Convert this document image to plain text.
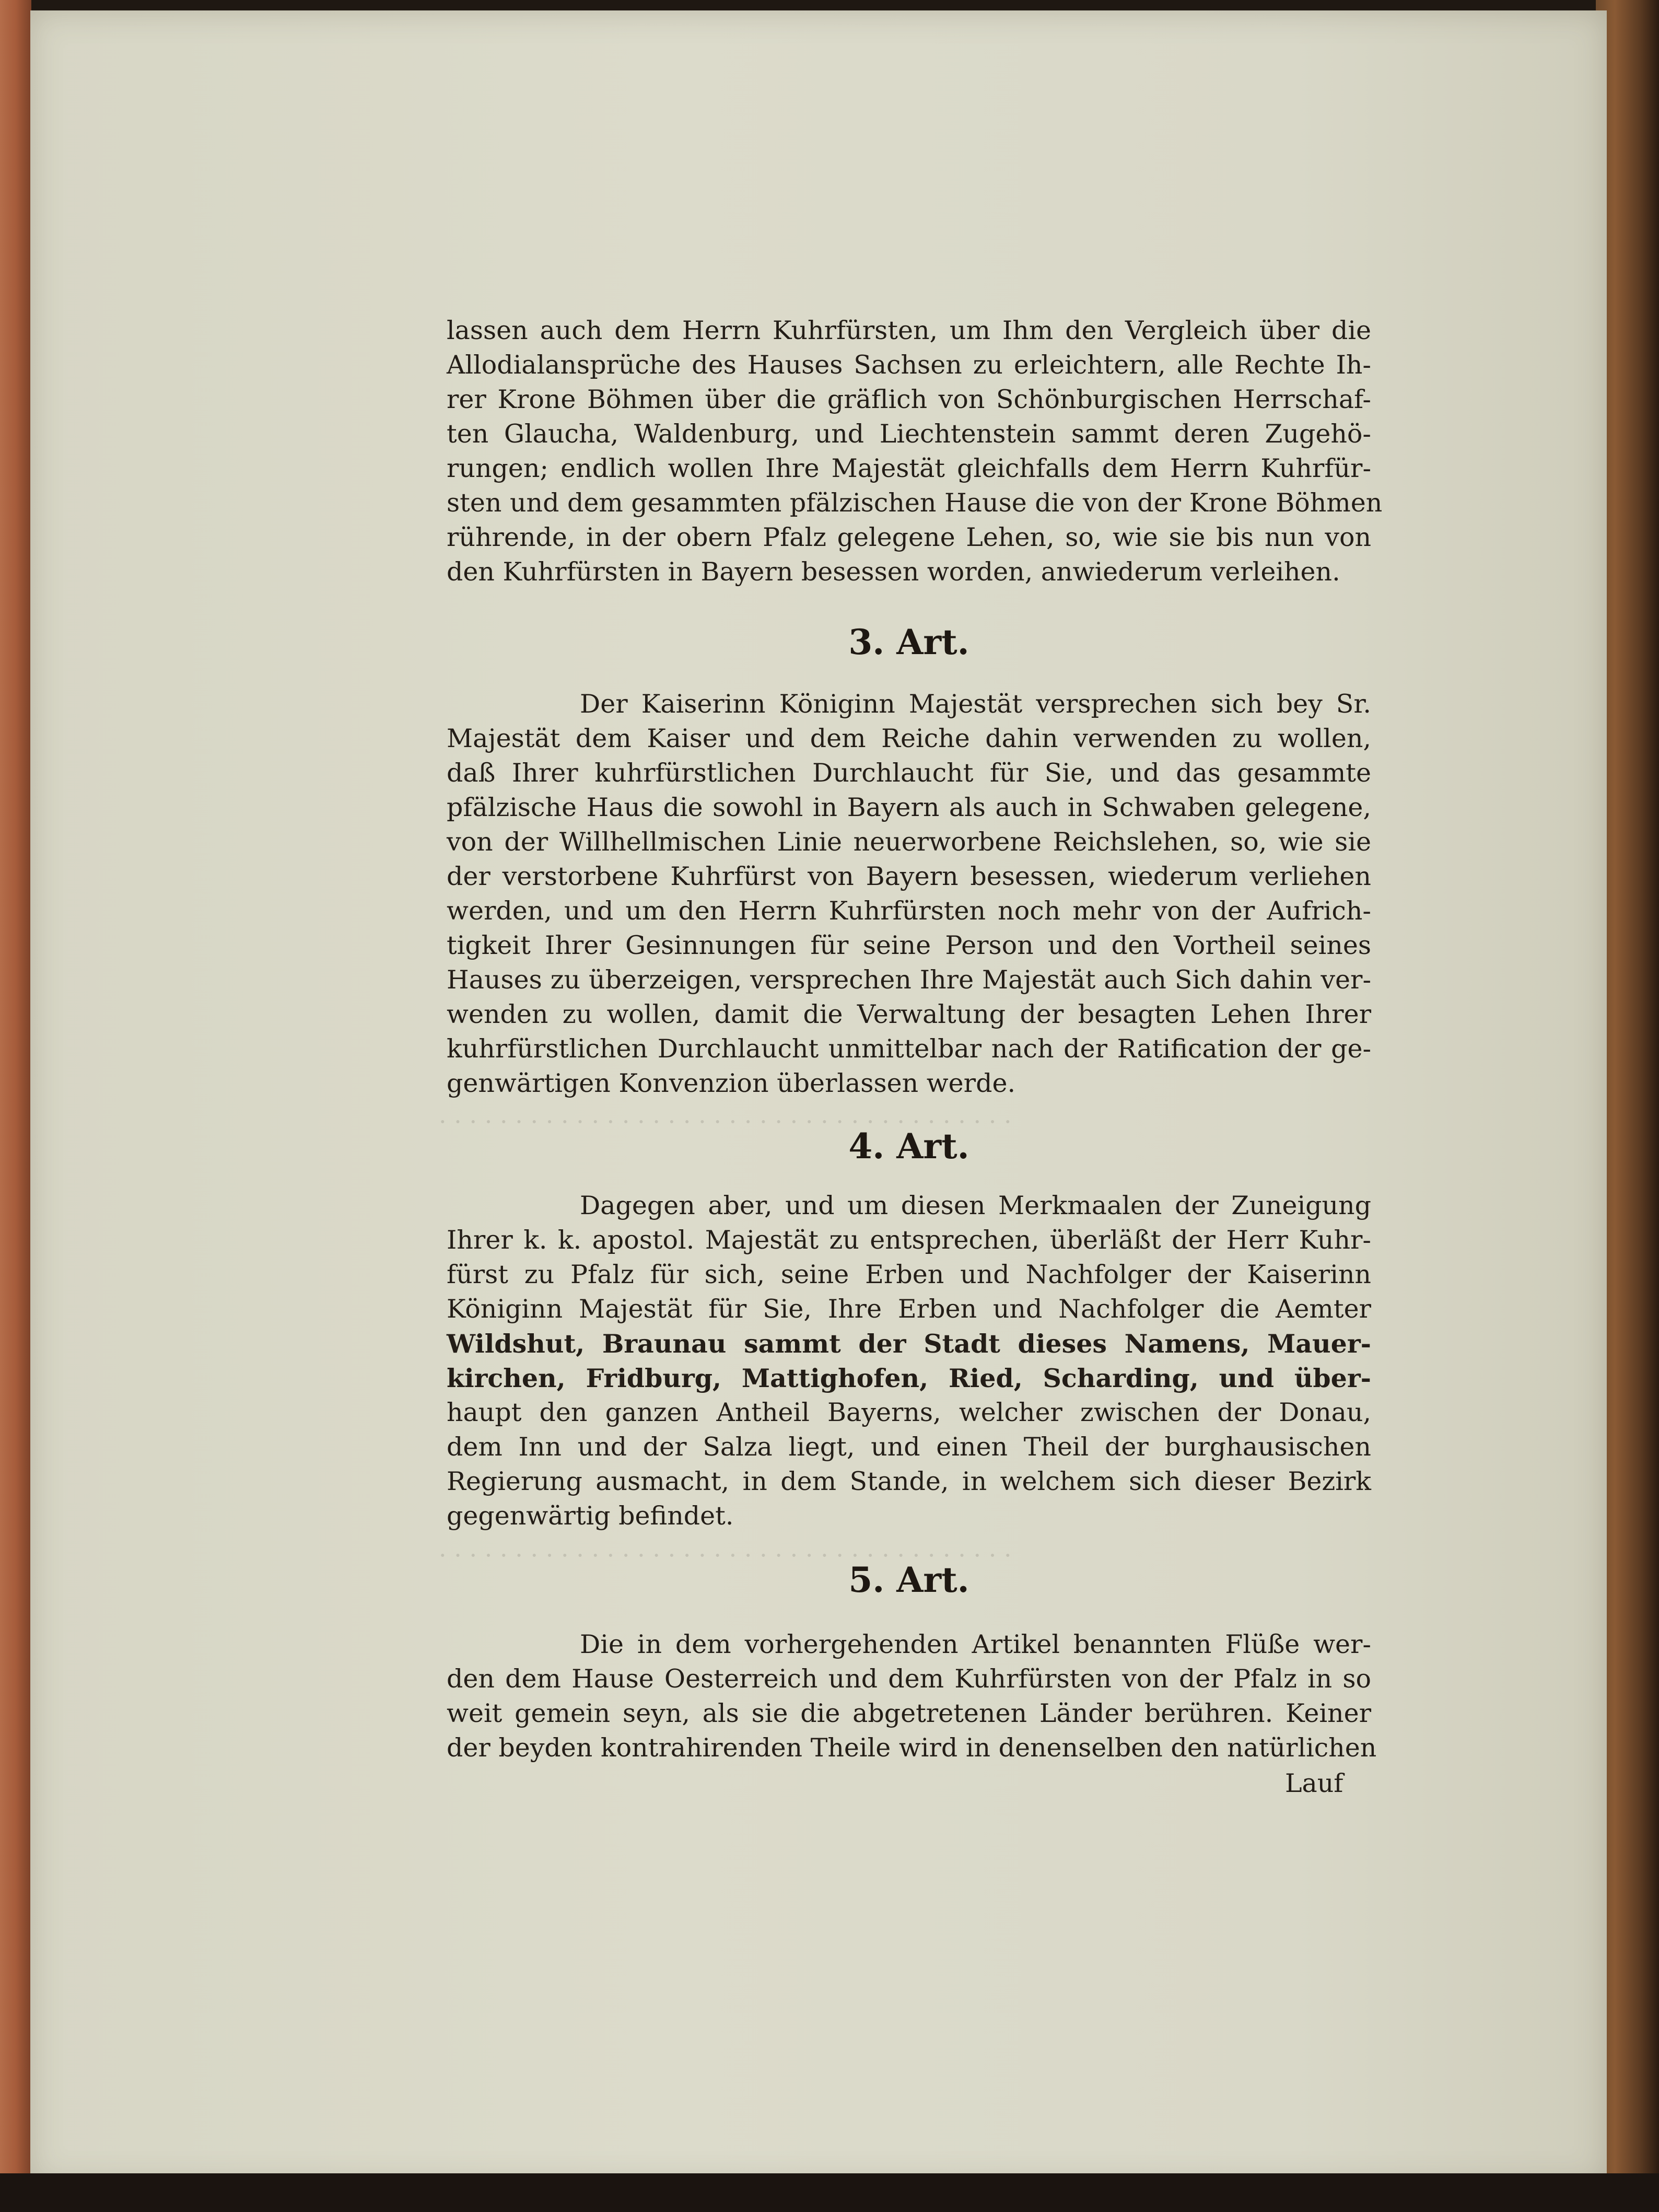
lassen auch dem Herrn Kuhrfürsten, um Ihm den Vergleich über die
Allodialansprüche des Hauses Sachsen zu erleichtern, alle Rechte Ih-
rer Krone Böhmen über die gräflich von Schönburgischen Herrschaf-
ten Glaucha, Waldenburg, und Liechtenstein sammt deren Zugehö-
rungen; endlich wollen Ihre Majestät gleichfalls dem Herrn Kuhrfür-
sten und dem gesammten pfälzischen Hause die von der Krone Böhmen
rührende, in der obern Pfalz gelegene Lehen, so, wie sie bis nun von
den Kuhrfürsten in Bayern besessen worden, anwiederum verleihen.
3. Art.
Der Kaiserinn Königinn Majestät versprechen sich bey Sr.
Majestät dem Kaiser und dem Reiche dahin verwenden zu wollen,
daß Ihrer kuhrfürstlichen Durchlaucht für Sie, und das gesammte
pfälzische Haus die sowohl in Bayern als auch in Schwaben gelegene,
von der Willhellmischen Linie neuerworbene Reichslehen, so, wie sie
der verstorbene Kuhrfürst von Bayern besessen, wiederum verliehen
werden, und um den Herrn Kuhrfürsten noch mehr von der Aufrich-
tigkeit Ihrer Gesinnungen für seine Person und den Vortheil seines
Hauses zu überzeigen, versprechen Ihre Majestät auch Sich dahin ver-
wenden zu wollen, damit die Verwaltung der besagten Lehen Ihrer
kuhrfürstlichen Durchlaucht unmittelbar nach der Ratification der ge-
genwärtigen Konvenzion überlassen werde.
· · · · · · · · · · · · · · · · · · · · · · · · · · · · · · · · · · · · · ·
4. Art.
Dagegen aber, und um diesen Merkmaalen der Zuneigung
Ihrer k. k. apostol. Majestät zu entsprechen, überläßt der Herr Kuhr-
fürst zu Pfalz für sich, seine Erben und Nachfolger der Kaiserinn
Königinn Majestät für Sie, Ihre Erben und Nachfolger die Aemter
Wildshut, Braunau sammt der Stadt dieses Namens, Mauer-
kirchen, Fridburg, Mattighofen, Ried, Scharding, und über-
haupt den ganzen Antheil Bayerns, welcher zwischen der Donau,
dem Inn und der Salza liegt, und einen Theil der burghausischen
Regierung ausmacht, in dem Stande, in welchem sich dieser Bezirk
gegenwärtig befindet.
· · · · · · · · · · · · · · · · · · · · · · · · · · · · · · · · · · · · · ·
5. Art.
Die in dem vorhergehenden Artikel benannten Flüße wer-
den dem Hause Oesterreich und dem Kuhrfürsten von der Pfalz in so
weit gemein seyn, als sie die abgetretenen Länder berühren. Keiner
der beyden kontrahirenden Theile wird in denenselben den natürlichen
Lauf
